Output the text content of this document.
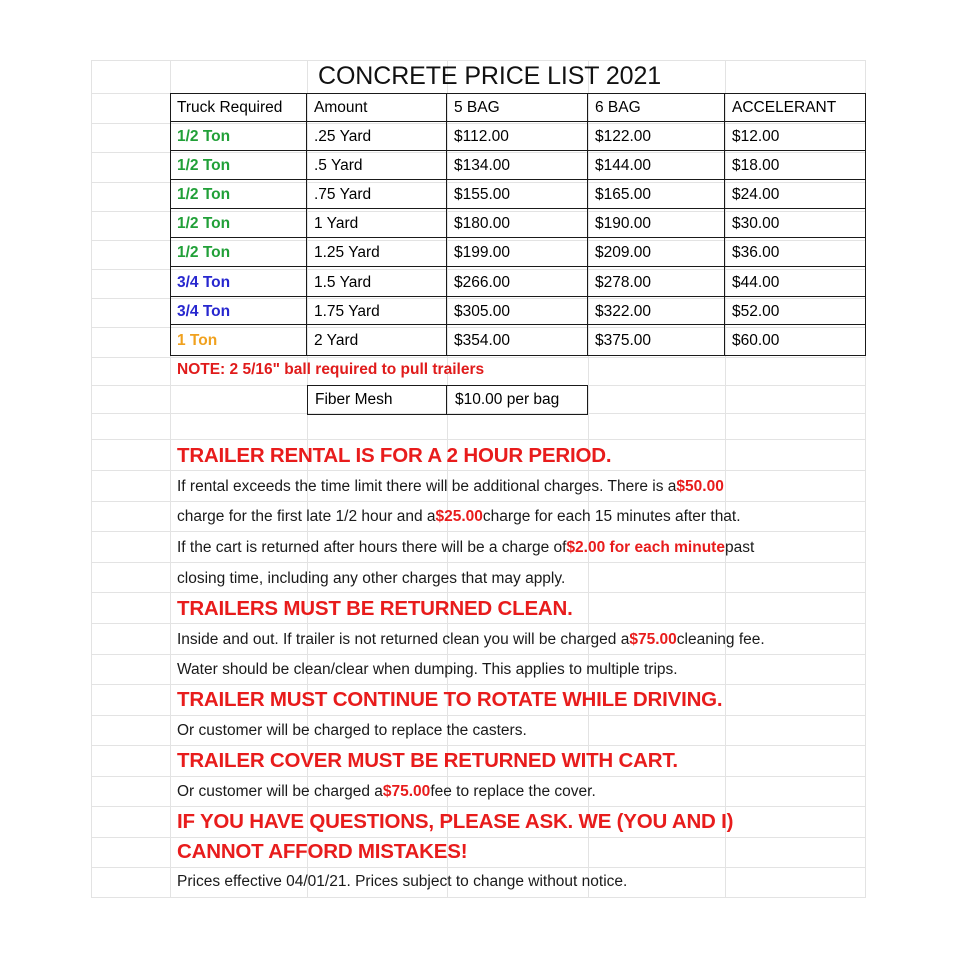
CONCRETE PRICE LIST 2021
Truck Required	Amount	5 BAG	6 BAG	ACCELERANT
1/2 Ton	.25 Yard	$112.00	$122.00	$12.00
1/2 Ton	.5 Yard	$134.00	$144.00	$18.00
1/2 Ton	.75 Yard	$155.00	$165.00	$24.00
1/2 Ton	1 Yard	$180.00	$190.00	$30.00
1/2 Ton	1.25 Yard	$199.00	$209.00	$36.00
3/4 Ton	1.5 Yard	$266.00	$278.00	$44.00
3/4 Ton	1.75 Yard	$305.00	$322.00	$52.00
1 Ton	2 Yard	$354.00	$375.00	$60.00
NOTE: 2 5/16" ball required to pull trailers
Fiber Mesh	$10.00 per bag
TRAILER RENTAL IS FOR A 2 HOUR PERIOD.
If rental exceeds the time limit there will be additional charges. There is a $50.00
charge for the first late 1/2 hour and a $25.00 charge for each 15 minutes after that.
If the cart is returned after hours there will be a charge of $2.00 for each minute past
closing time, including any other charges that may apply.
TRAILERS MUST BE RETURNED CLEAN.
Inside and out. If trailer is not returned clean you will be charged a $75.00 cleaning fee.
Water should be clean/clear when dumping. This applies to multiple trips.
TRAILER MUST CONTINUE TO ROTATE WHILE DRIVING.
Or customer will be charged to replace the casters.
TRAILER COVER MUST BE RETURNED WITH CART.
Or customer will be charged a $75.00 fee to replace the cover.
IF YOU HAVE QUESTIONS, PLEASE ASK. WE (YOU AND I)
CANNOT AFFORD MISTAKES!
Prices effective 04/01/21. Prices subject to change without notice.
